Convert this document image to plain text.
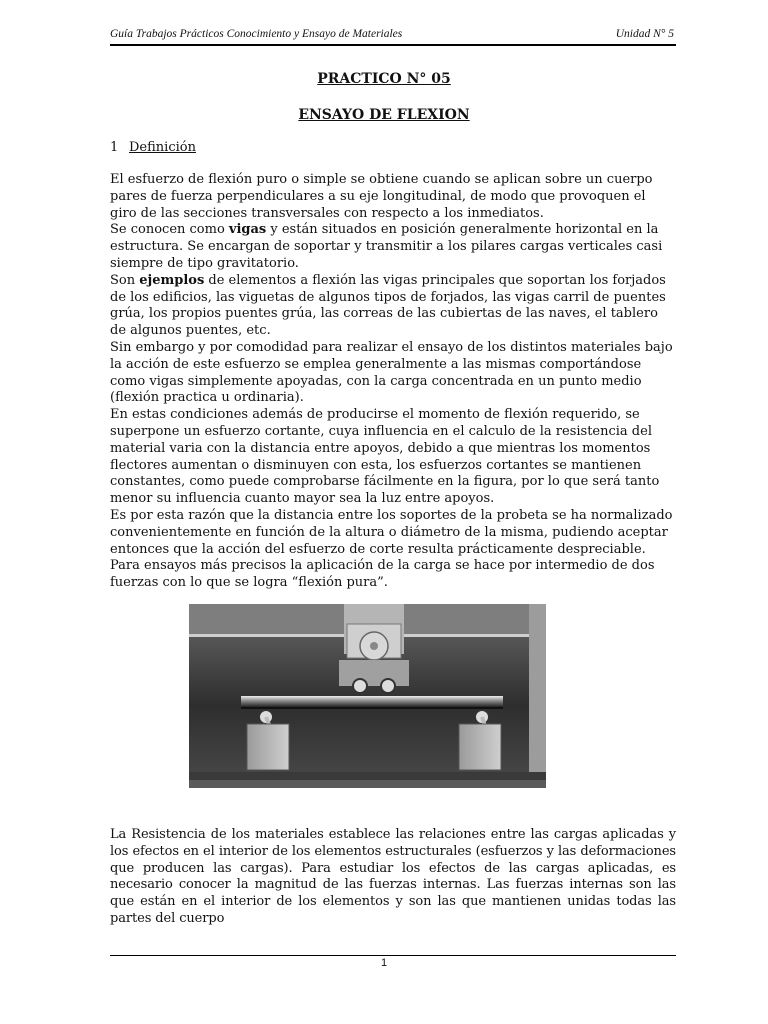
Guía Trabajos Prácticos Conocimiento y Ensayo de Materiales	Unidad N° 5
PRACTICO N° 05
ENSAYO DE FLEXION
1 Definición

El esfuerzo de flexión puro o simple se obtiene cuando se aplican sobre un cuerpo pares de fuerza perpendiculares a su eje longitudinal, de modo que provoquen el giro de las secciones transversales con respecto a los inmediatos.

Se conocen como vigas y están situados en posición generalmente horizontal en la estructura. Se encargan de soportar y transmitir a los pilares cargas verticales casi siempre de tipo gravitatorio.

Son ejemplos de elementos a flexión las vigas principales que soportan los forjados de los edificios, las viguetas de algunos tipos de forjados, las vigas carril de puentes grúa, los propios puentes grúa, las correas de las cubiertas de las naves, el tablero de algunos puentes, etc.

Sin embargo y por comodidad para realizar el ensayo de los distintos materiales bajo la acción de este esfuerzo se emplea generalmente a las mismas comportándose como vigas simplemente apoyadas, con la carga concentrada en un punto medio (flexión practica u ordinaria).

En estas condiciones además de producirse el momento de flexión requerido, se superpone un esfuerzo cortante, cuya influencia en el calculo de la resistencia del material varia con la distancia entre apoyos, debido a que mientras los momentos flectores aumentan o disminuyen con esta, los esfuerzos cortantes se mantienen constantes, como puede comprobarse fácilmente en la figura, por lo que será tanto menor su influencia cuanto mayor sea la luz entre apoyos.

Es por esta razón que la distancia entre los soportes de la probeta se ha normalizado convenientemente en función de la altura o diámetro de la misma, pudiendo aceptar entonces que la acción del esfuerzo de corte resulta prácticamente despreciable. Para ensayos más precisos la aplicación de la carga se hace por intermedio de dos fuerzas con lo que se logra “flexión pura”.

La Resistencia de los materiales establece las relaciones entre las cargas aplicadas y los efectos en el interior de los elementos estructurales (esfuerzos y las deformaciones que producen las cargas). Para estudiar los efectos de las cargas aplicadas, es necesario conocer la magnitud de las fuerzas internas. Las fuerzas internas son las que están en el interior de los elementos y son las que mantienen unidas todas las partes del cuerpo

1
